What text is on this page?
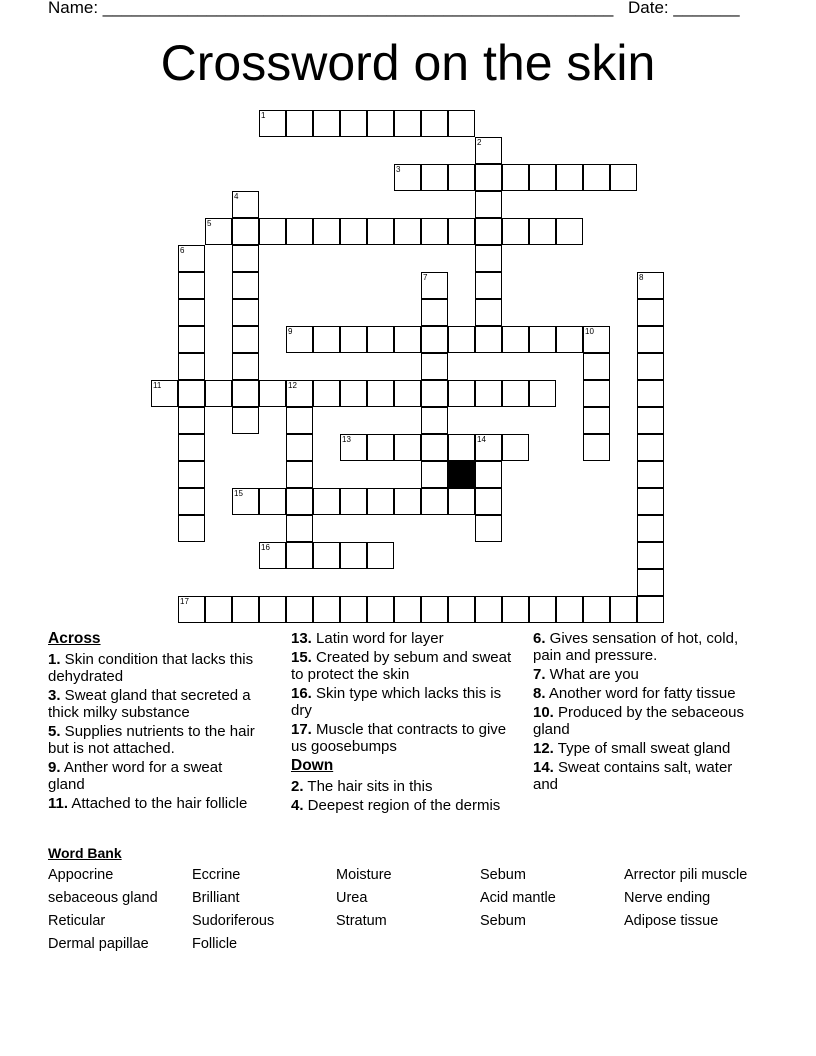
Name: ______________________________________________________ Date: _______
Crossword on the skin
1
2
3
4
5
6
7	8
9	10
11	12
13	14
15
16
17
Across
1. Skin condition that lacks this dehydrated
3. Sweat gland that secreted a thick milky substance
5. Supplies nutrients to the hair but is not attached.
9. Anther word for a sweat gland
11. Attached to the hair follicle
13. Latin word for layer
15. Created by sebum and sweat to protect the skin
16. Skin type which lacks this is dry
17. Muscle that contracts to give us goosebumps
Down
2. The hair sits in this
4. Deepest region of the dermis
6. Gives sensation of hot, cold, pain and pressure.
7. What are you
8. Another word for fatty tissue
10. Produced by the sebaceous gland
12. Type of small sweat gland
14. Sweat contains salt, water and
Word Bank
Appocrine	Eccrine	Moisture	Sebum	Arrector pili muscle
sebaceous gland	Brilliant	Urea	Acid mantle	Nerve ending
Reticular	Sudoriferous	Stratum	Sebum	Adipose tissue
Dermal papillae	Follicle
